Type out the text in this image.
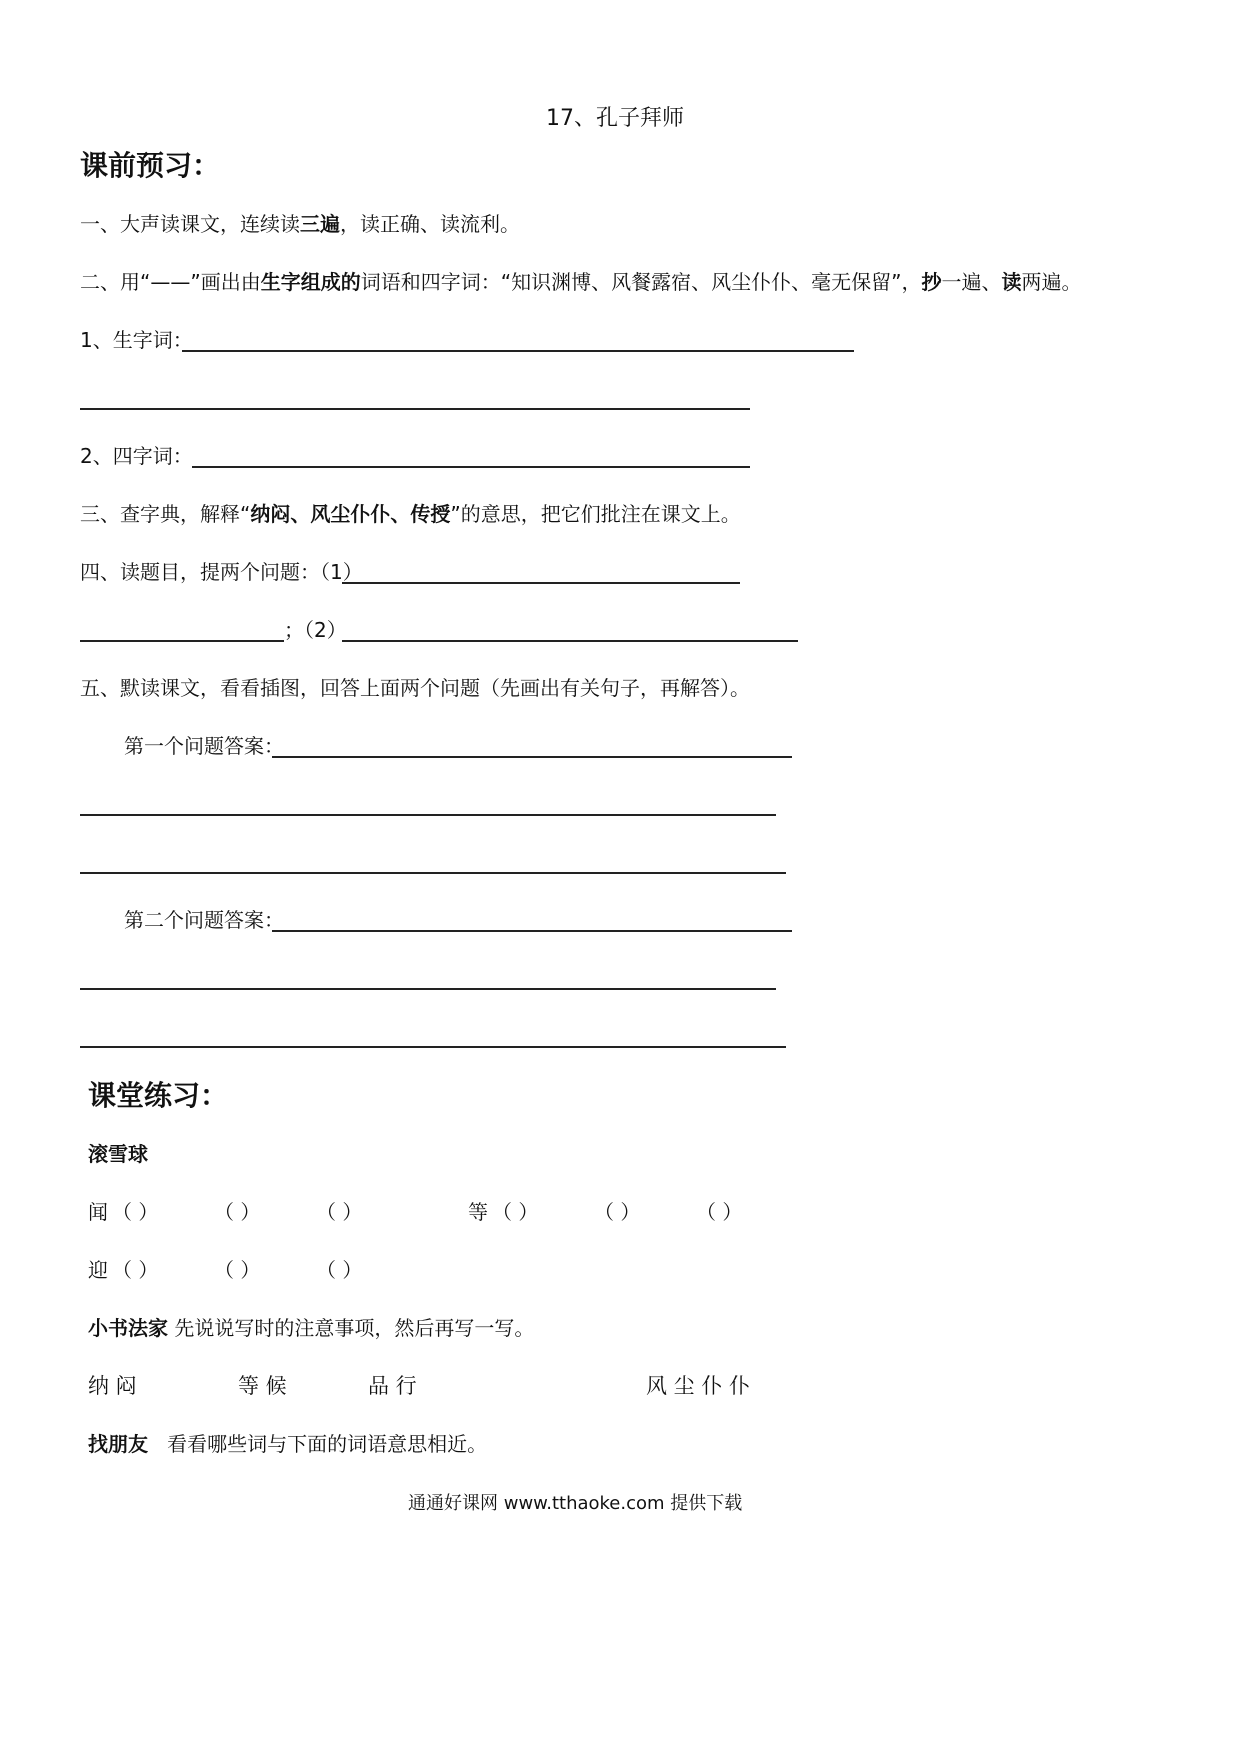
17、孔子拜师
课前预习：
一、大声读课文，连续读三遍，读正确、读流利。
二、用“——”画出由生字组成的词语和四字词：“知识渊博、风餐露宿、风尘仆仆、毫无保留”，抄一遍、读两遍。
1、生字词：
2、四字词：
三、查字典，解释“纳闷、风尘仆仆、传授”的意思，把它们批注在课文上。
四、读题目，提两个问题：（1）
；（2）
五、默读课文，看看插图，回答上面两个问题（先画出有关句子，再解答）。
第一个问题答案：
第二个问题答案：
课堂练习：
滚雪球
闻 （ ）	（ ）	（ ）	等 （ ）	（ ）	（ ）
迎 （ ）	（ ）	（ ）
小书法家 先说说写时的注意事项，然后再写一写。
纳 闷	等 候	品 行	风 尘 仆 仆
找朋友 看看哪些词与下面的词语意思相近。
通通好课网 www.tthaoke.com 提供下载
